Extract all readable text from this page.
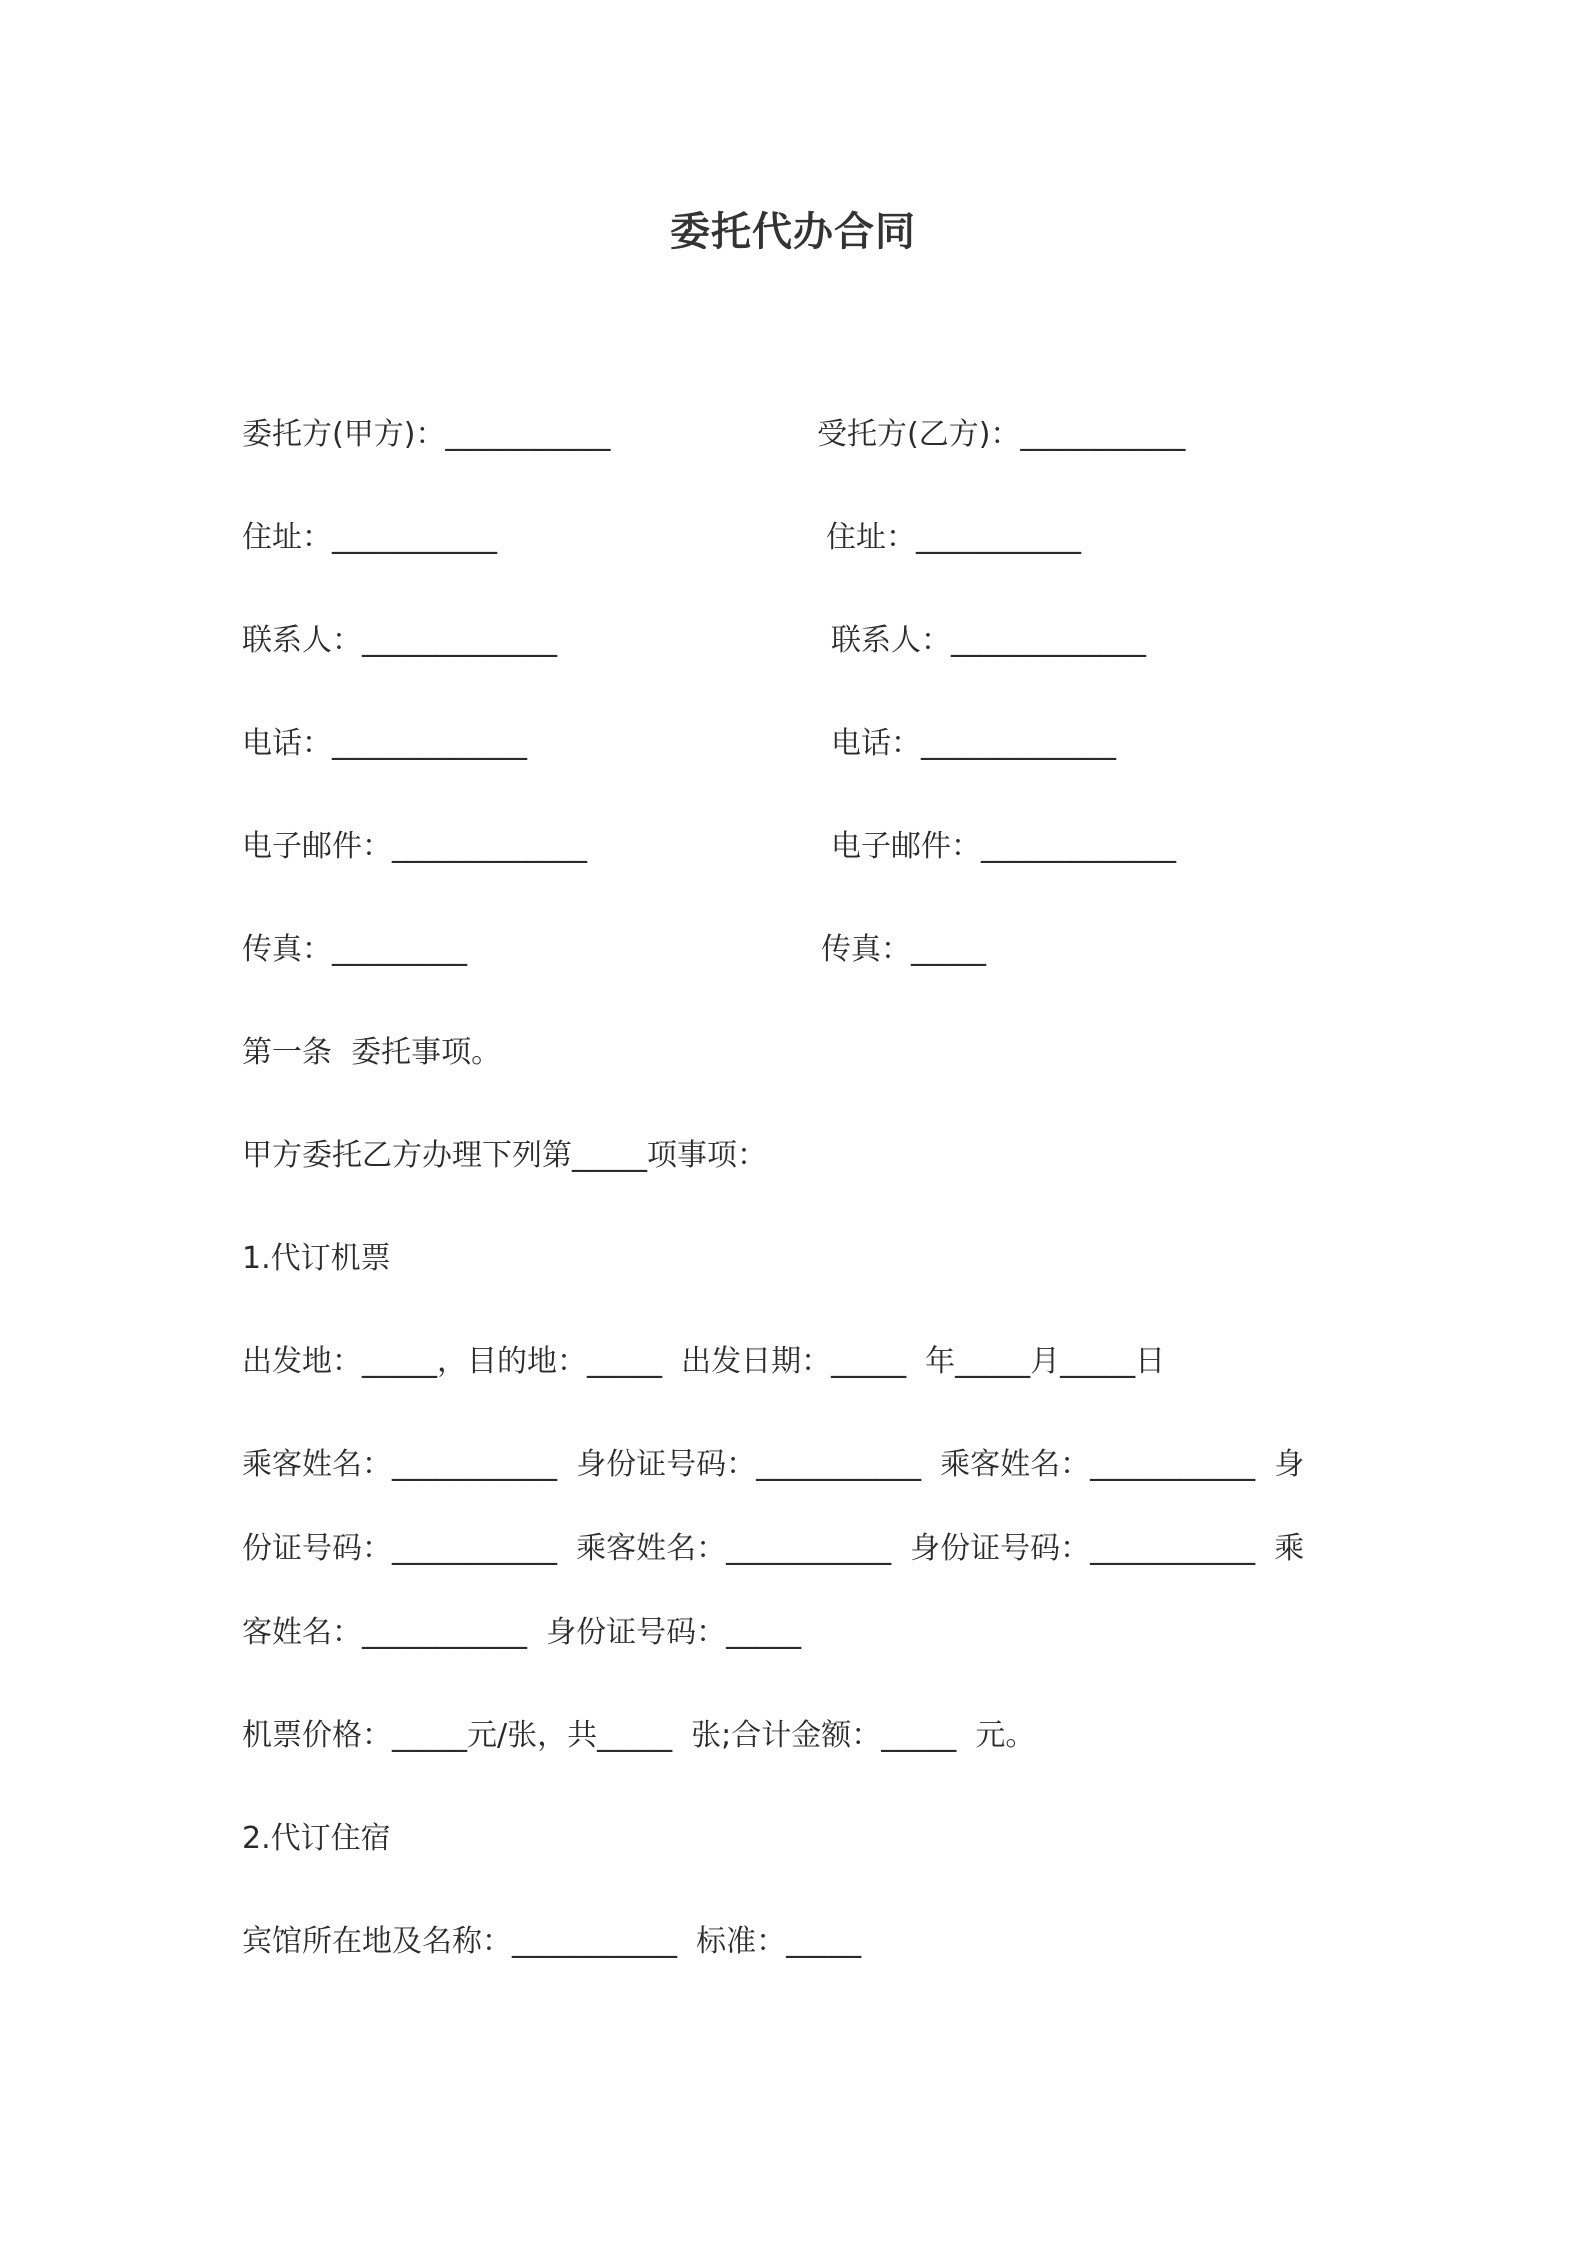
委托代办合同
委托方(甲方)：___________	受托方(乙方)：___________
住址：___________	住址：___________
联系人：_____________	联系人：_____________
电话：_____________	电话：_____________
电子邮件：_____________	电子邮件：_____________
传真：_________	传真：_____
第一条  委托事项。
甲方委托乙方办理下列第_____项事项：
1.代订机票
出发地：_____，目的地：_____  出发日期：_____  年_____月_____日
乘客姓名：___________  身份证号码：___________  乘客姓名：___________  身
份证号码：___________  乘客姓名：___________  身份证号码：___________  乘
客姓名：___________  身份证号码：_____
机票价格：_____元/张，共_____  张;合计金额：_____  元。
2.代订住宿
宾馆所在地及名称：___________  标准：_____
